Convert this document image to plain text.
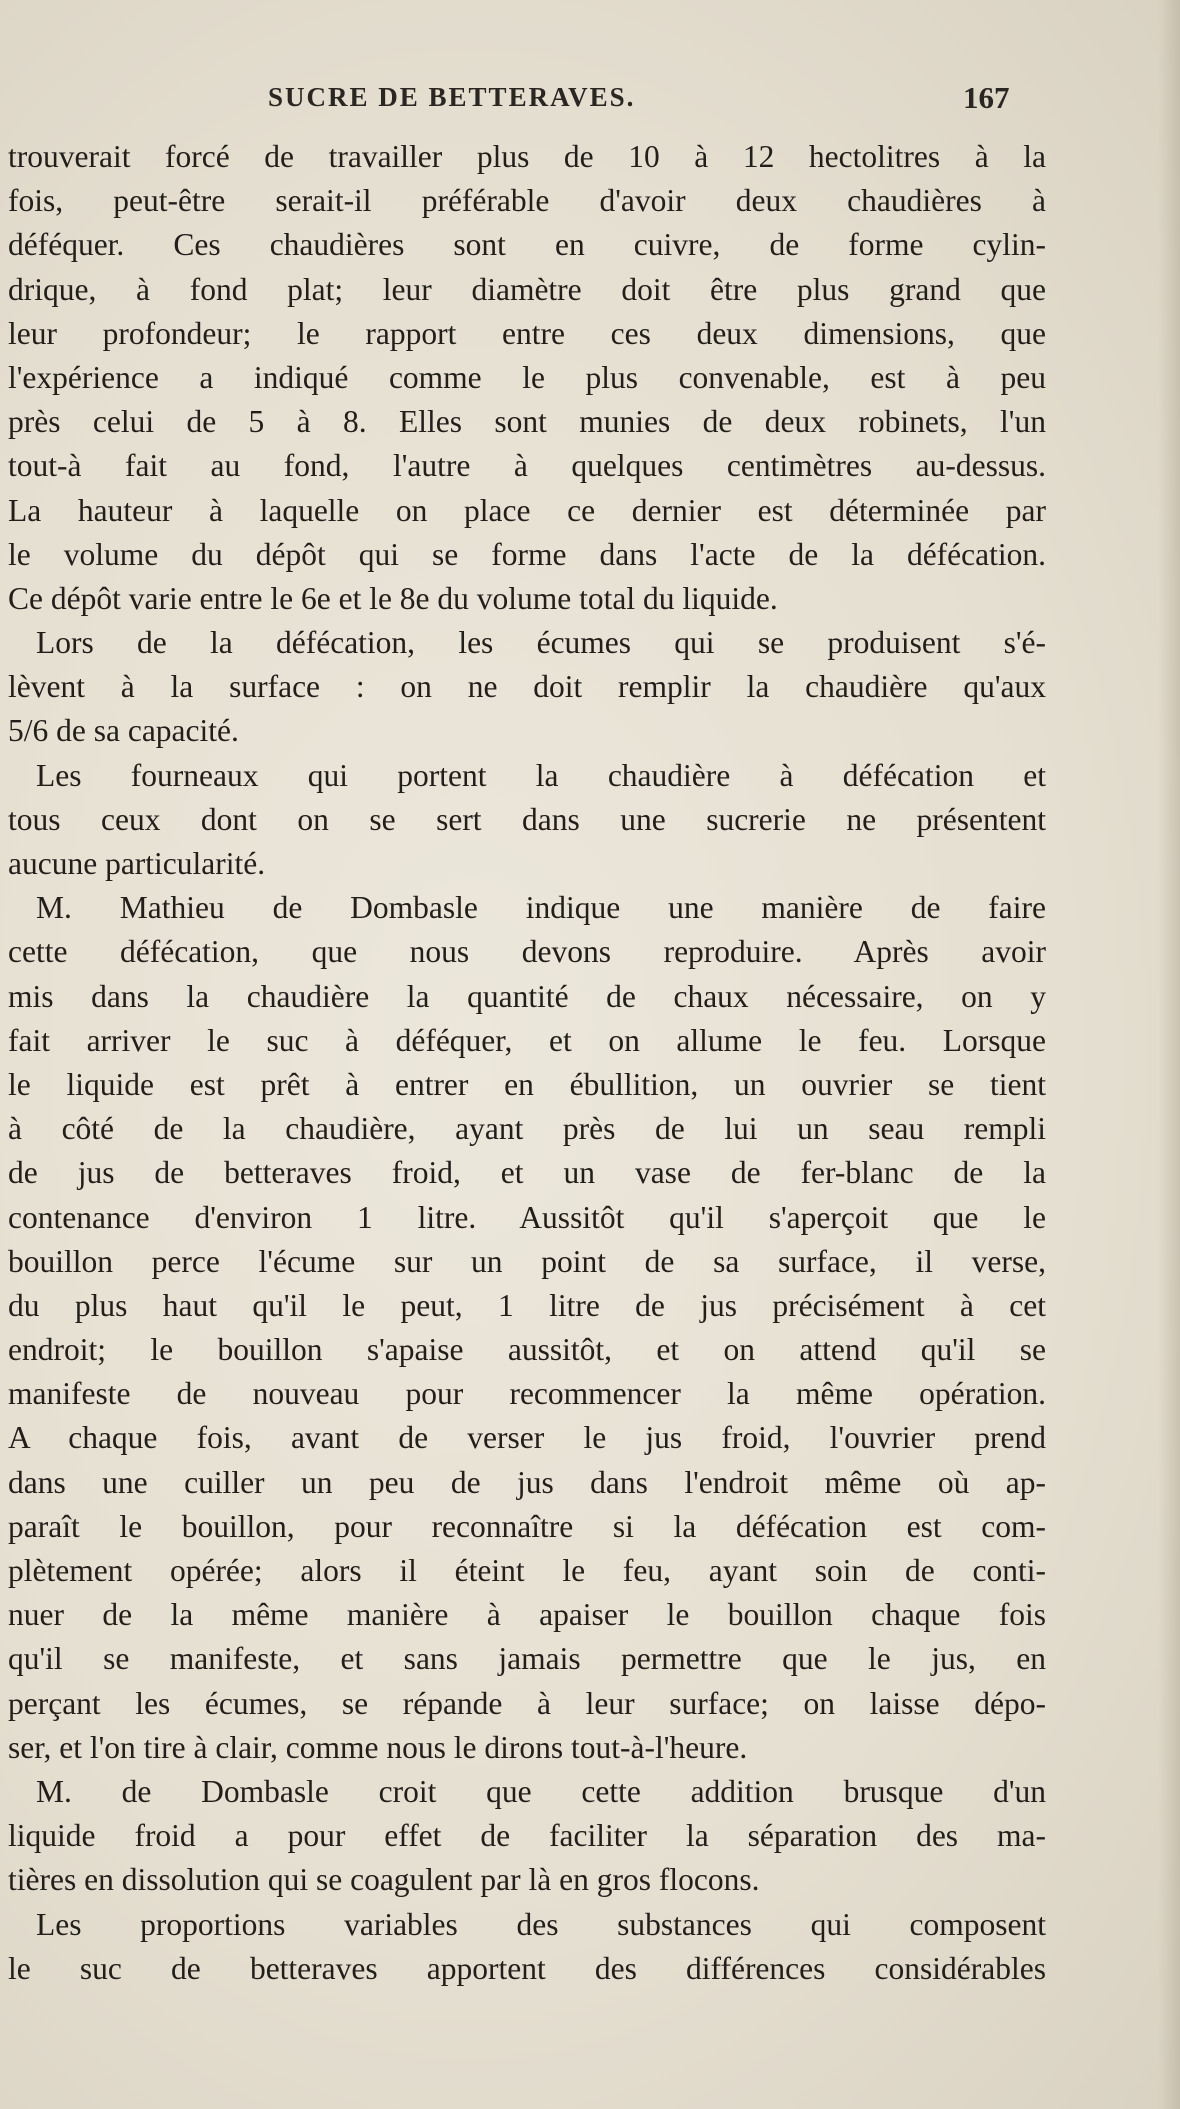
SUCRE DE BETTERAVES.	167
trouverait forcé de travailler plus de 10 à 12 hectolitres à la
fois, peut-être serait-il préférable d'avoir deux chaudières à
déféquer. Ces chaudières sont en cuivre, de forme cylin-
drique, à fond plat; leur diamètre doit être plus grand que
leur profondeur; le rapport entre ces deux dimensions, que
l'expérience a indiqué comme le plus convenable, est à peu
près celui de 5 à 8. Elles sont munies de deux robinets, l'un
tout-à fait au fond, l'autre à quelques centimètres au-dessus.
La hauteur à laquelle on place ce dernier est déterminée par
le volume du dépôt qui se forme dans l'acte de la défécation.
Ce dépôt varie entre le 6e et le 8e du volume total du liquide.
Lors de la défécation, les écumes qui se produisent s'é-
lèvent à la surface : on ne doit remplir la chaudière qu'aux
5/6 de sa capacité.
Les fourneaux qui portent la chaudière à défécation et
tous ceux dont on se sert dans une sucrerie ne présentent
aucune particularité.
M. Mathieu de Dombasle indique une manière de faire
cette défécation, que nous devons reproduire. Après avoir
mis dans la chaudière la quantité de chaux nécessaire, on y
fait arriver le suc à déféquer, et on allume le feu. Lorsque
le liquide est prêt à entrer en ébullition, un ouvrier se tient
à côté de la chaudière, ayant près de lui un seau rempli
de jus de betteraves froid, et un vase de fer-blanc de la
contenance d'environ 1 litre. Aussitôt qu'il s'aperçoit que le
bouillon perce l'écume sur un point de sa surface, il verse,
du plus haut qu'il le peut, 1 litre de jus précisément à cet
endroit; le bouillon s'apaise aussitôt, et on attend qu'il se
manifeste de nouveau pour recommencer la même opération.
A chaque fois, avant de verser le jus froid, l'ouvrier prend
dans une cuiller un peu de jus dans l'endroit même où ap-
paraît le bouillon, pour reconnaître si la défécation est com-
plètement opérée; alors il éteint le feu, ayant soin de conti-
nuer de la même manière à apaiser le bouillon chaque fois
qu'il se manifeste, et sans jamais permettre que le jus, en
perçant les écumes, se répande à leur surface; on laisse dépo-
ser, et l'on tire à clair, comme nous le dirons tout-à-l'heure.
M. de Dombasle croit que cette addition brusque d'un
liquide froid a pour effet de faciliter la séparation des ma-
tières en dissolution qui se coagulent par là en gros flocons.
Les proportions variables des substances qui composent
le suc de betteraves apportent des différences considérables
